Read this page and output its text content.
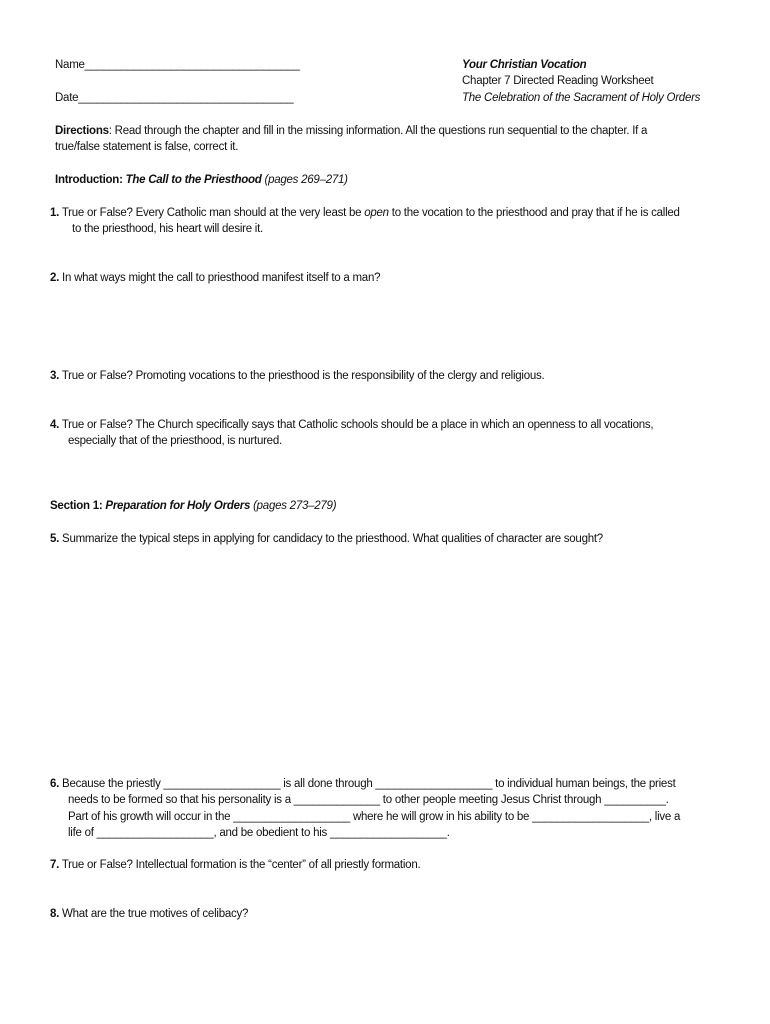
Name___________________________________
Date___________________________________
Your Christian Vocation
Chapter 7 Directed Reading Worksheet
The Celebration of the Sacrament of Holy Orders
Directions: Read through the chapter and fill in the missing information. All the questions run sequential to the chapter. If a
true/false statement is false, correct it.
Introduction: The Call to the Priesthood (pages 269–271)
1. True or False? Every Catholic man should at the very least be open to the vocation to the priesthood and pray that if he is called
to the priesthood, his heart will desire it.
2. In what ways might the call to priesthood manifest itself to a man?
3. True or False? Promoting vocations to the priesthood is the responsibility of the clergy and religious.
4. True or False? The Church specifically says that Catholic schools should be a place in which an openness to all vocations,
especially that of the priesthood, is nurtured.
Section 1: Preparation for Holy Orders (pages 273–279)
5. Summarize the typical steps in applying for candidacy to the priesthood. What qualities of character are sought?
6. Because the priestly ___________________ is all done through ___________________ to individual human beings, the priest
needs to be formed so that his personality is a ______________ to other people meeting Jesus Christ through __________.
Part of his growth will occur in the ___________________ where he will grow in his ability to be ___________________, live a
life of ___________________, and be obedient to his ___________________.
7. True or False? Intellectual formation is the “center” of all priestly formation.
8. What are the true motives of celibacy?
